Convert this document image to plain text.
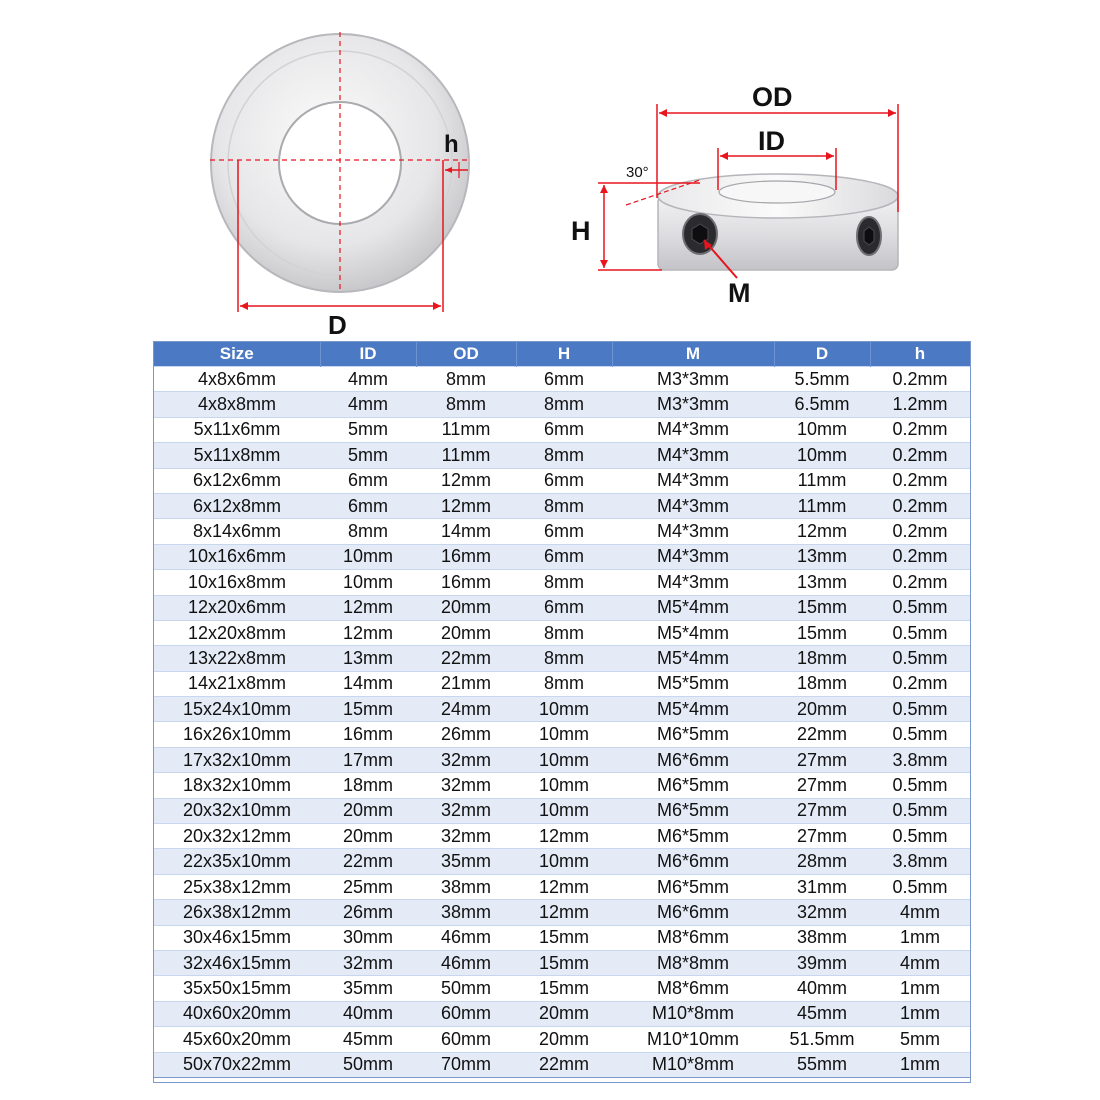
h
D
OD
ID
H
30°
M
Size	ID	OD	H	M	D	h
4x8x6mm	4mm	8mm	6mm	M3*3mm	5.5mm	0.2mm
4x8x8mm	4mm	8mm	8mm	M3*3mm	6.5mm	1.2mm
5x11x6mm	5mm	11mm	6mm	M4*3mm	10mm	0.2mm
5x11x8mm	5mm	11mm	8mm	M4*3mm	10mm	0.2mm
6x12x6mm	6mm	12mm	6mm	M4*3mm	11mm	0.2mm
6x12x8mm	6mm	12mm	8mm	M4*3mm	11mm	0.2mm
8x14x6mm	8mm	14mm	6mm	M4*3mm	12mm	0.2mm
10x16x6mm	10mm	16mm	6mm	M4*3mm	13mm	0.2mm
10x16x8mm	10mm	16mm	8mm	M4*3mm	13mm	0.2mm
12x20x6mm	12mm	20mm	6mm	M5*4mm	15mm	0.5mm
12x20x8mm	12mm	20mm	8mm	M5*4mm	15mm	0.5mm
13x22x8mm	13mm	22mm	8mm	M5*4mm	18mm	0.5mm
14x21x8mm	14mm	21mm	8mm	M5*5mm	18mm	0.2mm
15x24x10mm	15mm	24mm	10mm	M5*4mm	20mm	0.5mm
16x26x10mm	16mm	26mm	10mm	M6*5mm	22mm	0.5mm
17x32x10mm	17mm	32mm	10mm	M6*6mm	27mm	3.8mm
18x32x10mm	18mm	32mm	10mm	M6*5mm	27mm	0.5mm
20x32x10mm	20mm	32mm	10mm	M6*5mm	27mm	0.5mm
20x32x12mm	20mm	32mm	12mm	M6*5mm	27mm	0.5mm
22x35x10mm	22mm	35mm	10mm	M6*6mm	28mm	3.8mm
25x38x12mm	25mm	38mm	12mm	M6*5mm	31mm	0.5mm
26x38x12mm	26mm	38mm	12mm	M6*6mm	32mm	4mm
30x46x15mm	30mm	46mm	15mm	M8*6mm	38mm	1mm
32x46x15mm	32mm	46mm	15mm	M8*8mm	39mm	4mm
35x50x15mm	35mm	50mm	15mm	M8*6mm	40mm	1mm
40x60x20mm	40mm	60mm	20mm	M10*8mm	45mm	1mm
45x60x20mm	45mm	60mm	20mm	M10*10mm	51.5mm	5mm
50x70x22mm	50mm	70mm	22mm	M10*8mm	55mm	1mm
